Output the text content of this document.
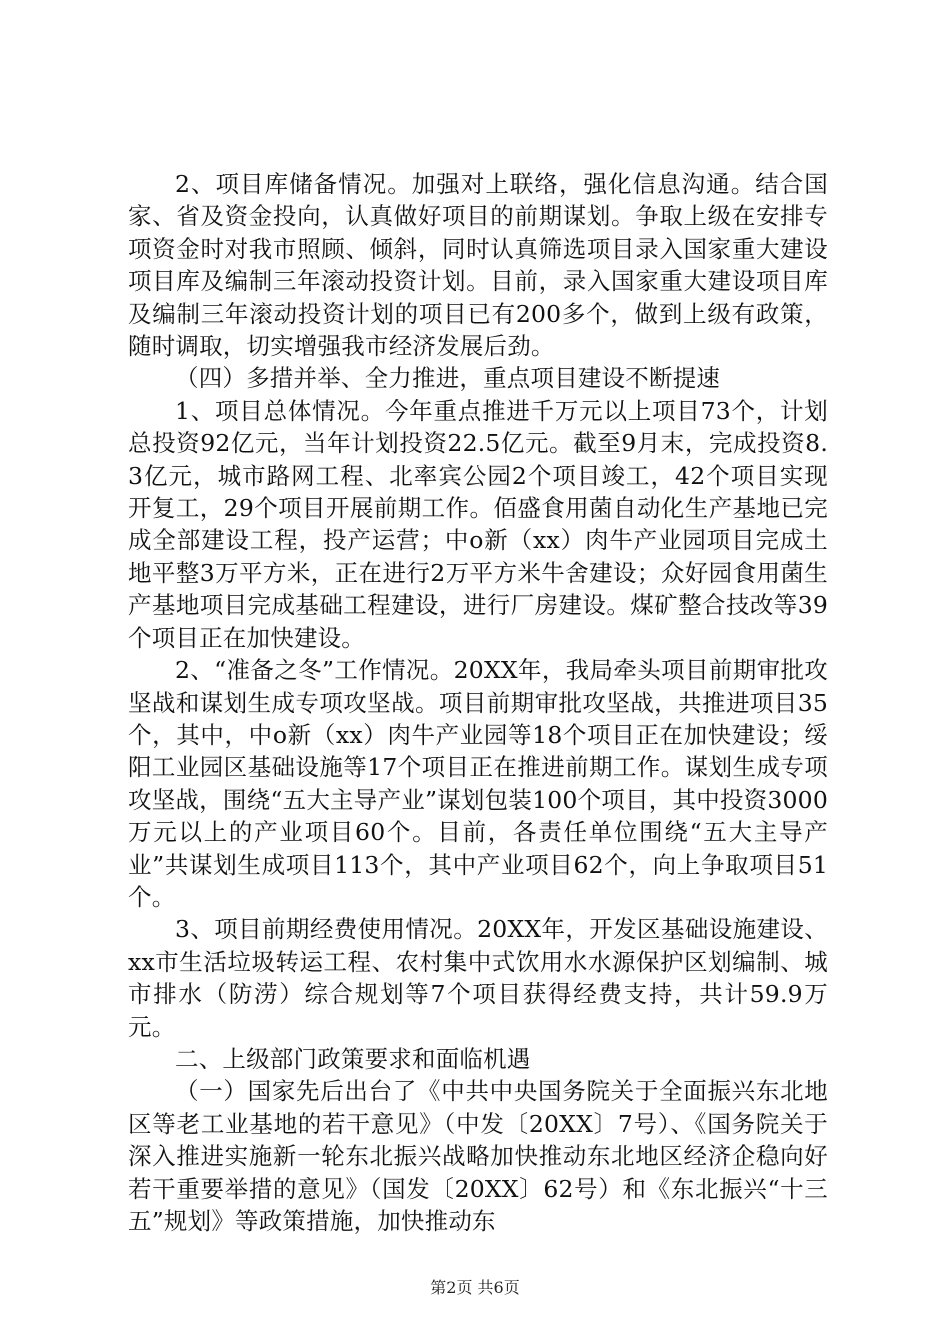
2、项目库储备情况。加强对上联络，强化信息沟通。结合国家、省及资金投向，认真做好项目的前期谋划。争取上级在安排专项资金时对我市照顾、倾斜，同时认真筛选项目录入国家重大建设项目库及编制三年滚动投资计划。目前，录入国家重大建设项目库及编制三年滚动投资计划的项目已有200多个，做到上级有政策，随时调取，切实增强我市经济发展后劲。

（四）多措并举、全力推进，重点项目建设不断提速

1、项目总体情况。今年重点推进千万元以上项目73个，计划总投资92亿元，当年计划投资22.5亿元。截至9月末，完成投资8.3亿元，城市路网工程、北率宾公园2个项目竣工，42个项目实现开复工，29个项目开展前期工作。佰盛食用菌自动化生产基地已完成全部建设工程，投产运营；中o新（xx）肉牛产业园项目完成土地平整3万平方米，正在进行2万平方米牛舍建设；众好园食用菌生产基地项目完成基础工程建设，进行厂房建设。煤矿整合技改等39个项目正在加快建设。

2、“准备之冬”工作情况。20XX年，我局牵头项目前期审批攻坚战和谋划生成专项攻坚战。项目前期审批攻坚战，共推进项目35个，其中，中o新（xx）肉牛产业园等18个项目正在加快建设；绥阳工业园区基础设施等17个项目正在推进前期工作。谋划生成专项攻坚战，围绕“五大主导产业”谋划包装100个项目，其中投资3000万元以上的产业项目60个。目前，各责任单位围绕“五大主导产业”共谋划生成项目113个，其中产业项目62个，向上争取项目51个。

3、项目前期经费使用情况。20XX年，开发区基础设施建设、xx市生活垃圾转运工程、农村集中式饮用水水源保护区划编制、城市排水（防涝）综合规划等7个项目获得经费支持，共计59.9万元。

二、上级部门政策要求和面临机遇

（一）国家先后出台了《中共中央国务院关于全面振兴东北地区等老工业基地的若干意见》（中发〔20XX〕7号）、《国务院关于深入推进实施新一轮东北振兴战略加快推动东北地区经济企稳向好若干重要举措的意见》（国发〔20XX〕62号）和《东北振兴“十三五”规划》等政策措施，加快推动东

第2页 共6页
